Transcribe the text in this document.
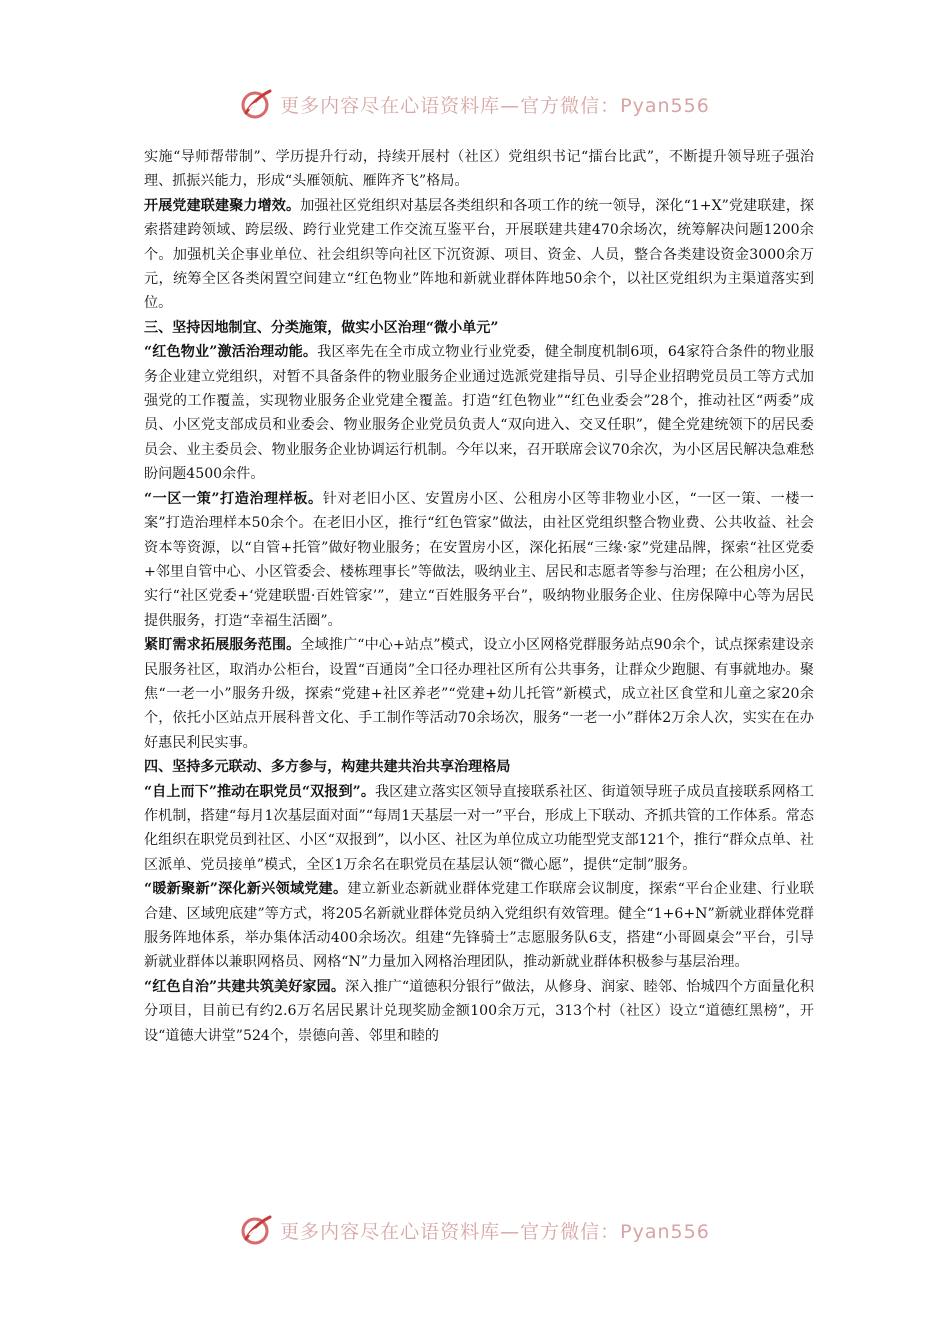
更多内容尽在心语资料库—官方微信：Pyan556

实施“导师帮带制”、学历提升行动，持续开展村（社区）党组织书记“擂台比武”，不断提升领导班子强治理、抓振兴能力，形成“头雁领航、雁阵齐飞”格局。

开展党建联建聚力增效。加强社区党组织对基层各类组织和各项工作的统一领导，深化“1+X”党建联建，探索搭建跨领域、跨层级、跨行业党建工作交流互鉴平台，开展联建共建470余场次，统筹解决问题1200余个。加强机关企事业单位、社会组织等向社区下沉资源、项目、资金、人员，整合各类建设资金3000余万元，统筹全区各类闲置空间建立“红色物业”阵地和新就业群体阵地50余个，以社区党组织为主渠道落实到位。

三、坚持因地制宜、分类施策，做实小区治理“微小单元”

“红色物业”激活治理动能。我区率先在全市成立物业行业党委，健全制度机制6项，64家符合条件的物业服务企业建立党组织，对暂不具备条件的物业服务企业通过选派党建指导员、引导企业招聘党员员工等方式加强党的工作覆盖，实现物业服务企业党建全覆盖。打造“红色物业”“红色业委会”28个，推动社区“两委”成员、小区党支部成员和业委会、物业服务企业党员负责人“双向进入、交叉任职”，健全党建统领下的居民委员会、业主委员会、物业服务企业协调运行机制。今年以来，召开联席会议70余次，为小区居民解决急难愁盼问题4500余件。

“一区一策”打造治理样板。针对老旧小区、安置房小区、公租房小区等非物业小区，“一区一策、一楼一案”打造治理样本50余个。在老旧小区，推行“红色管家”做法，由社区党组织整合物业费、公共收益、社会资本等资源，以“自管+托管”做好物业服务；在安置房小区，深化拓展“三缘·家”党建品牌，探索“社区党委+邻里自管中心、小区管委会、楼栋理事长”等做法，吸纳业主、居民和志愿者等参与治理；在公租房小区，实行“社区党委+‘党建联盟·百姓管家’”，建立“百姓服务平台”，吸纳物业服务企业、住房保障中心等为居民提供服务，打造“幸福生活圈”。

紧盯需求拓展服务范围。全域推广“中心+站点”模式，设立小区网格党群服务站点90余个，试点探索建设亲民服务社区，取消办公柜台，设置“百通岗”全口径办理社区所有公共事务，让群众少跑腿、有事就地办。聚焦“一老一小”服务升级，探索“党建+社区养老”“党建+幼儿托管”新模式，成立社区食堂和儿童之家20余个，依托小区站点开展科普文化、手工制作等活动70余场次，服务“一老一小”群体2万余人次，实实在在办好惠民利民实事。

四、坚持多元联动、多方参与，构建共建共治共享治理格局

“自上而下”推动在职党员“双报到”。我区建立落实区领导直接联系社区、街道领导班子成员直接联系网格工作机制，搭建“每月1次基层面对面”“每周1天基层一对一”平台，形成上下联动、齐抓共管的工作体系。常态化组织在职党员到社区、小区“双报到”，以小区、社区为单位成立功能型党支部121个，推行“群众点单、社区派单、党员接单”模式，全区1万余名在职党员在基层认领“微心愿”，提供“定制”服务。

“暖新聚新”深化新兴领域党建。建立新业态新就业群体党建工作联席会议制度，探索“平台企业建、行业联合建、区域兜底建”等方式，将205名新就业群体党员纳入党组织有效管理。健全“1+6+N”新就业群体党群服务阵地体系，举办集体活动400余场次。组建“先锋骑士”志愿服务队6支，搭建“小哥圆桌会”平台，引导新就业群体以兼职网格员、网格“N”力量加入网格治理团队，推动新就业群体积极参与基层治理。

“红色自治”共建共筑美好家园。深入推广“道德积分银行”做法，从修身、润家、睦邻、怡城四个方面量化积分项目，目前已有约2.6万名居民累计兑现奖励金额100余万元，313个村（社区）设立“道德红黑榜”，开设“道德大讲堂”524个，崇德向善、邻里和睦的

更多内容尽在心语资料库—官方微信：Pyan556
